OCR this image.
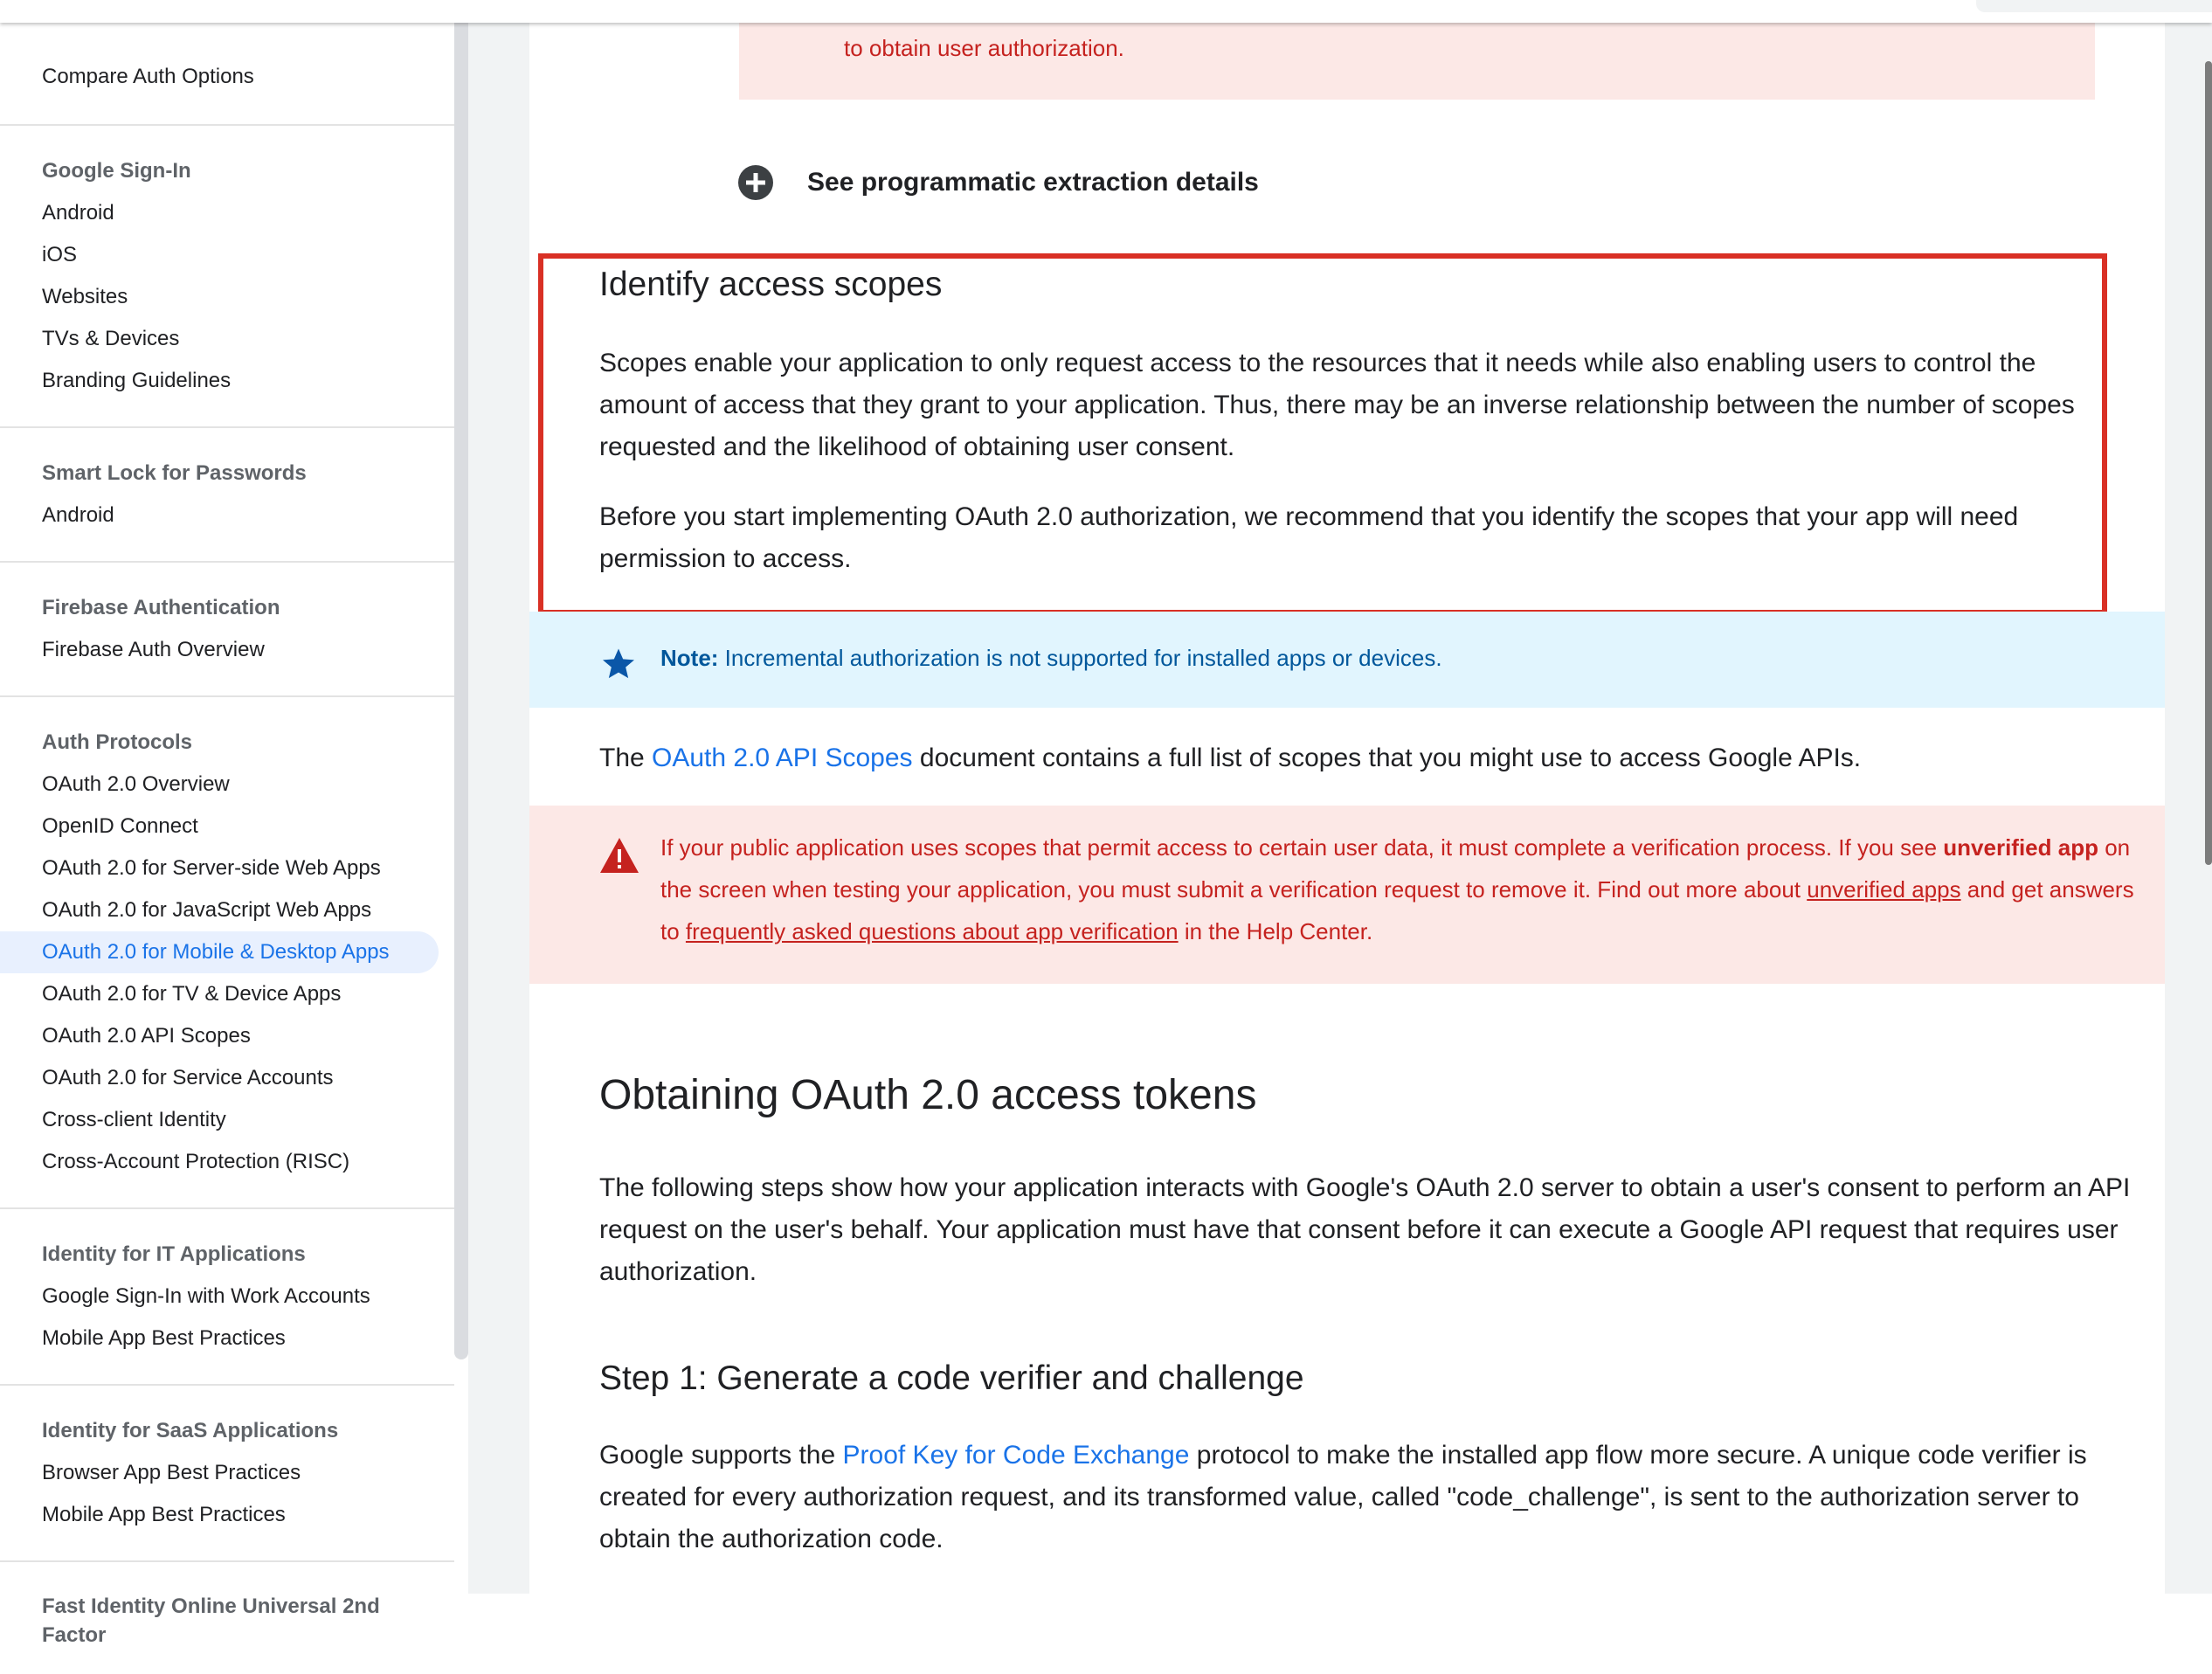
Compare Auth Options
Google Sign-In
Android
iOS
Websites
TVs & Devices
Branding Guidelines
Smart Lock for Passwords
Android
Firebase Authentication
Firebase Auth Overview
Auth Protocols
OAuth 2.0 Overview
OpenID Connect
OAuth 2.0 for Server-side Web Apps
OAuth 2.0 for JavaScript Web Apps
OAuth 2.0 for Mobile & Desktop Apps
OAuth 2.0 for TV & Device Apps
OAuth 2.0 API Scopes
OAuth 2.0 for Service Accounts
Cross-client Identity
Cross-Account Protection (RISC)
Identity for IT Applications
Google Sign-In with Work Accounts
Mobile App Best Practices
Identity for SaaS Applications
Browser App Best Practices
Mobile App Best Practices
Fast Identity Online Universal 2nd Factor
to obtain user authorization.
See programmatic extraction details
Identify access scopes
Scopes enable your application to only request access to the resources that it needs while also enabling users to control the amount of access that they grant to your application. Thus, there may be an inverse relationship between the number of scopes requested and the likelihood of obtaining user consent.
Before you start implementing OAuth 2.0 authorization, we recommend that you identify the scopes that your app will need permission to access.
Note: Incremental authorization is not supported for installed apps or devices.
The OAuth 2.0 API Scopes document contains a full list of scopes that you might use to access Google APIs.
If your public application uses scopes that permit access to certain user data, it must complete a verification process. If you see unverified app on the screen when testing your application, you must submit a verification request to remove it. Find out more about unverified apps and get answers to frequently asked questions about app verification in the Help Center.
Obtaining OAuth 2.0 access tokens
The following steps show how your application interacts with Google's OAuth 2.0 server to obtain a user's consent to perform an API request on the user's behalf. Your application must have that consent before it can execute a Google API request that requires user authorization.
Step 1: Generate a code verifier and challenge
Google supports the Proof Key for Code Exchange protocol to make the installed app flow more secure. A unique code verifier is created for every authorization request, and its transformed value, called "code_challenge", is sent to the authorization server to obtain the authorization code.
